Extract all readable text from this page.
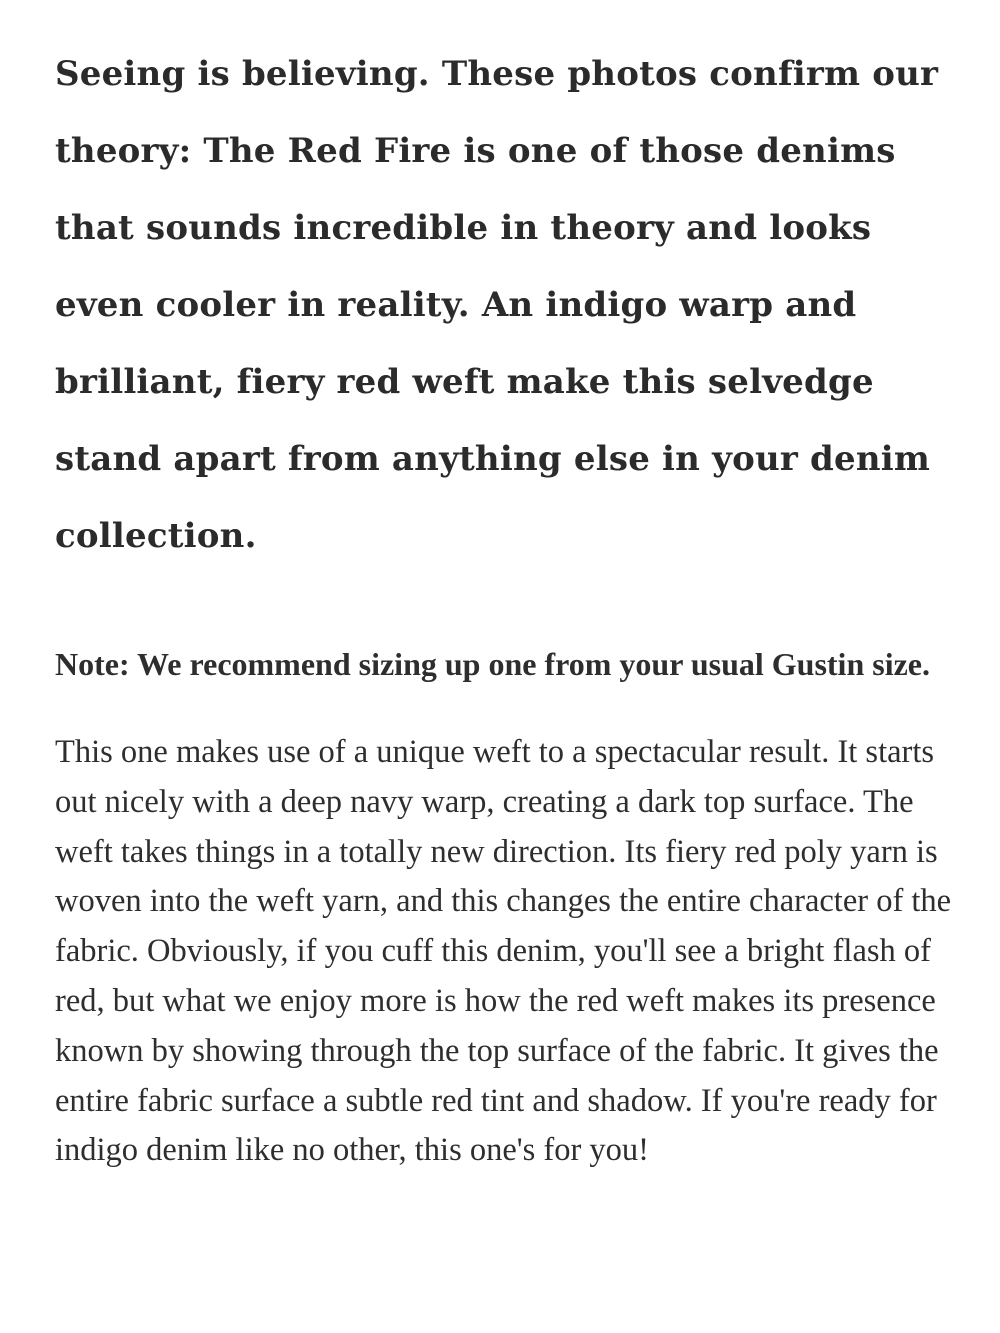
Seeing is believing. These photos confirm our theory: The Red Fire is one of those denims that sounds incredible in theory and looks even cooler in reality. An indigo warp and brilliant, fiery red weft make this selvedge stand apart from anything else in your denim collection.

Note: We recommend sizing up one from your usual Gustin size.

This one makes use of a unique weft to a spectacular result. It starts out nicely with a deep navy warp, creating a dark top surface. The weft takes things in a totally new direction. Its fiery red poly yarn is woven into the weft yarn, and this changes the entire character of the fabric. Obviously, if you cuff this denim, you'll see a bright flash of red, but what we enjoy more is how the red weft makes its presence known by showing through the top surface of the fabric. It gives the entire fabric surface a subtle red tint and shadow. If you're ready for indigo denim like no other, this one's for you!
